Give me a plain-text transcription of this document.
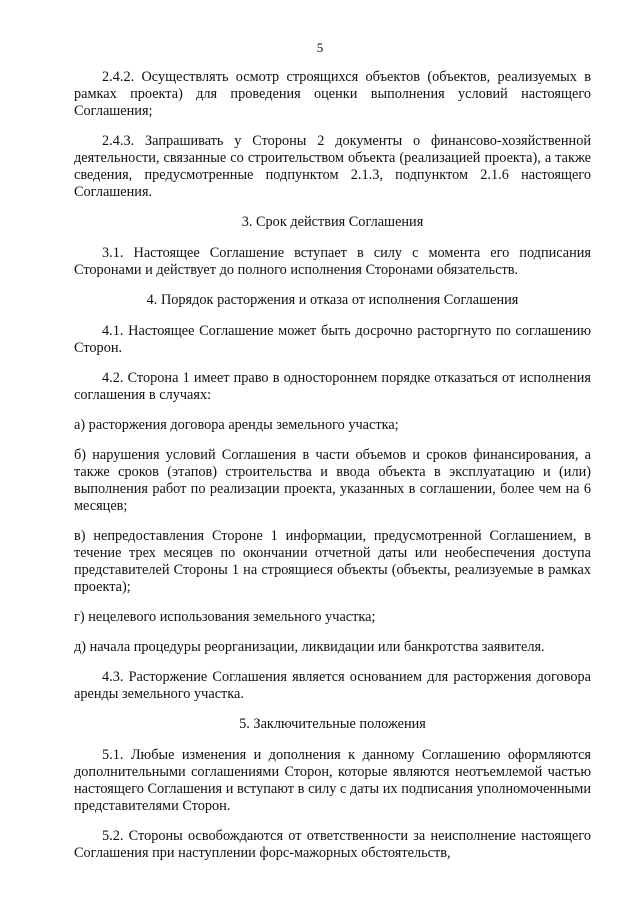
5

2.4.2. Осуществлять осмотр строящихся объектов (объектов, реализуемых в рамках проекта) для проведения оценки выполнения условий настоящего Соглашения;

2.4.3. Запрашивать у Стороны 2 документы о финансово-хозяйственной деятельности, связанные со строительством объекта (реализацией проекта), а также сведения, предусмотренные подпунктом 2.1.3, подпунктом 2.1.6 настоящего Соглашения.

3. Срок действия Соглашения

3.1. Настоящее Соглашение вступает в силу с момента его подписания Сторонами и действует до полного исполнения Сторонами обязательств.

4. Порядок расторжения и отказа от исполнения Соглашения

4.1. Настоящее Соглашение может быть досрочно расторгнуто по соглашению Сторон.

4.2. Сторона 1 имеет право в одностороннем порядке отказаться от исполнения соглашения в случаях:

а) расторжения договора аренды земельного участка;

б) нарушения условий Соглашения в части объемов и сроков финансирования, а также сроков (этапов) строительства и ввода объекта в эксплуатацию и (или) выполнения работ по реализации проекта, указанных в соглашении, более чем на 6 месяцев;

в) непредоставления Стороне 1 информации, предусмотренной Соглашением, в течение трех месяцев по окончании отчетной даты или необеспечения доступа представителей Стороны 1 на строящиеся объекты (объекты, реализуемые в рамках проекта);

г) нецелевого использования земельного участка;

д) начала процедуры реорганизации, ликвидации или банкротства заявителя.

4.3. Расторжение Соглашения является основанием для расторжения договора аренды земельного участка.

5. Заключительные положения

5.1. Любые изменения и дополнения к данному Соглашению оформляются дополнительными соглашениями Сторон, которые являются неотъемлемой частью настоящего Соглашения и вступают в силу с даты их подписания уполномоченными представителями Сторон.

5.2. Стороны освобождаются от ответственности за неисполнение настоящего Соглашения при наступлении форс-мажорных обстоятельств,
